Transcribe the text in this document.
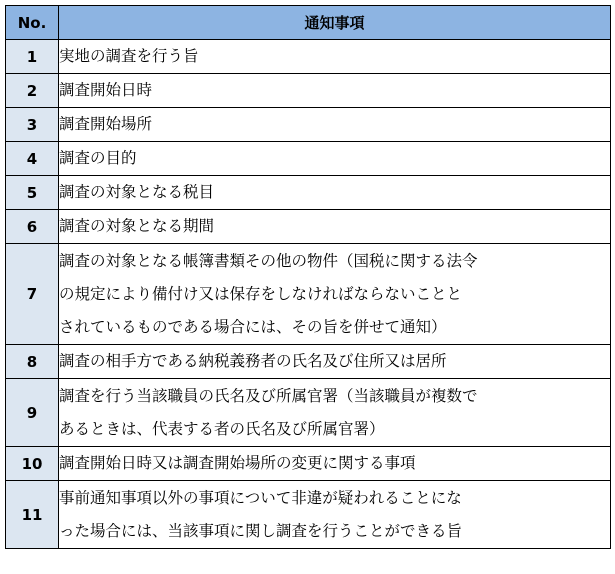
No.	通知事項
1	実地の調査を行う旨

2	調査開始日時

3	調査開始場所

4	調査の目的

5	調査の対象となる税目

6	調査の対象となる期間

7	調査の対象となる帳簿書類その他の物件（国税に関する法令
の規定により備付け又は保存をしなければならないことと
されているものである場合には、その旨を併せて通知）

8	調査の相手方である納税義務者の氏名及び住所又は居所

9	調査を行う当該職員の氏名及び所属官署（当該職員が複数で
あるときは、代表する者の氏名及び所属官署）

10	調査開始日時又は調査開始場所の変更に関する事項

11	事前通知事項以外の事項について非違が疑われることにな
った場合には、当該事項に関し調査を行うことができる旨
